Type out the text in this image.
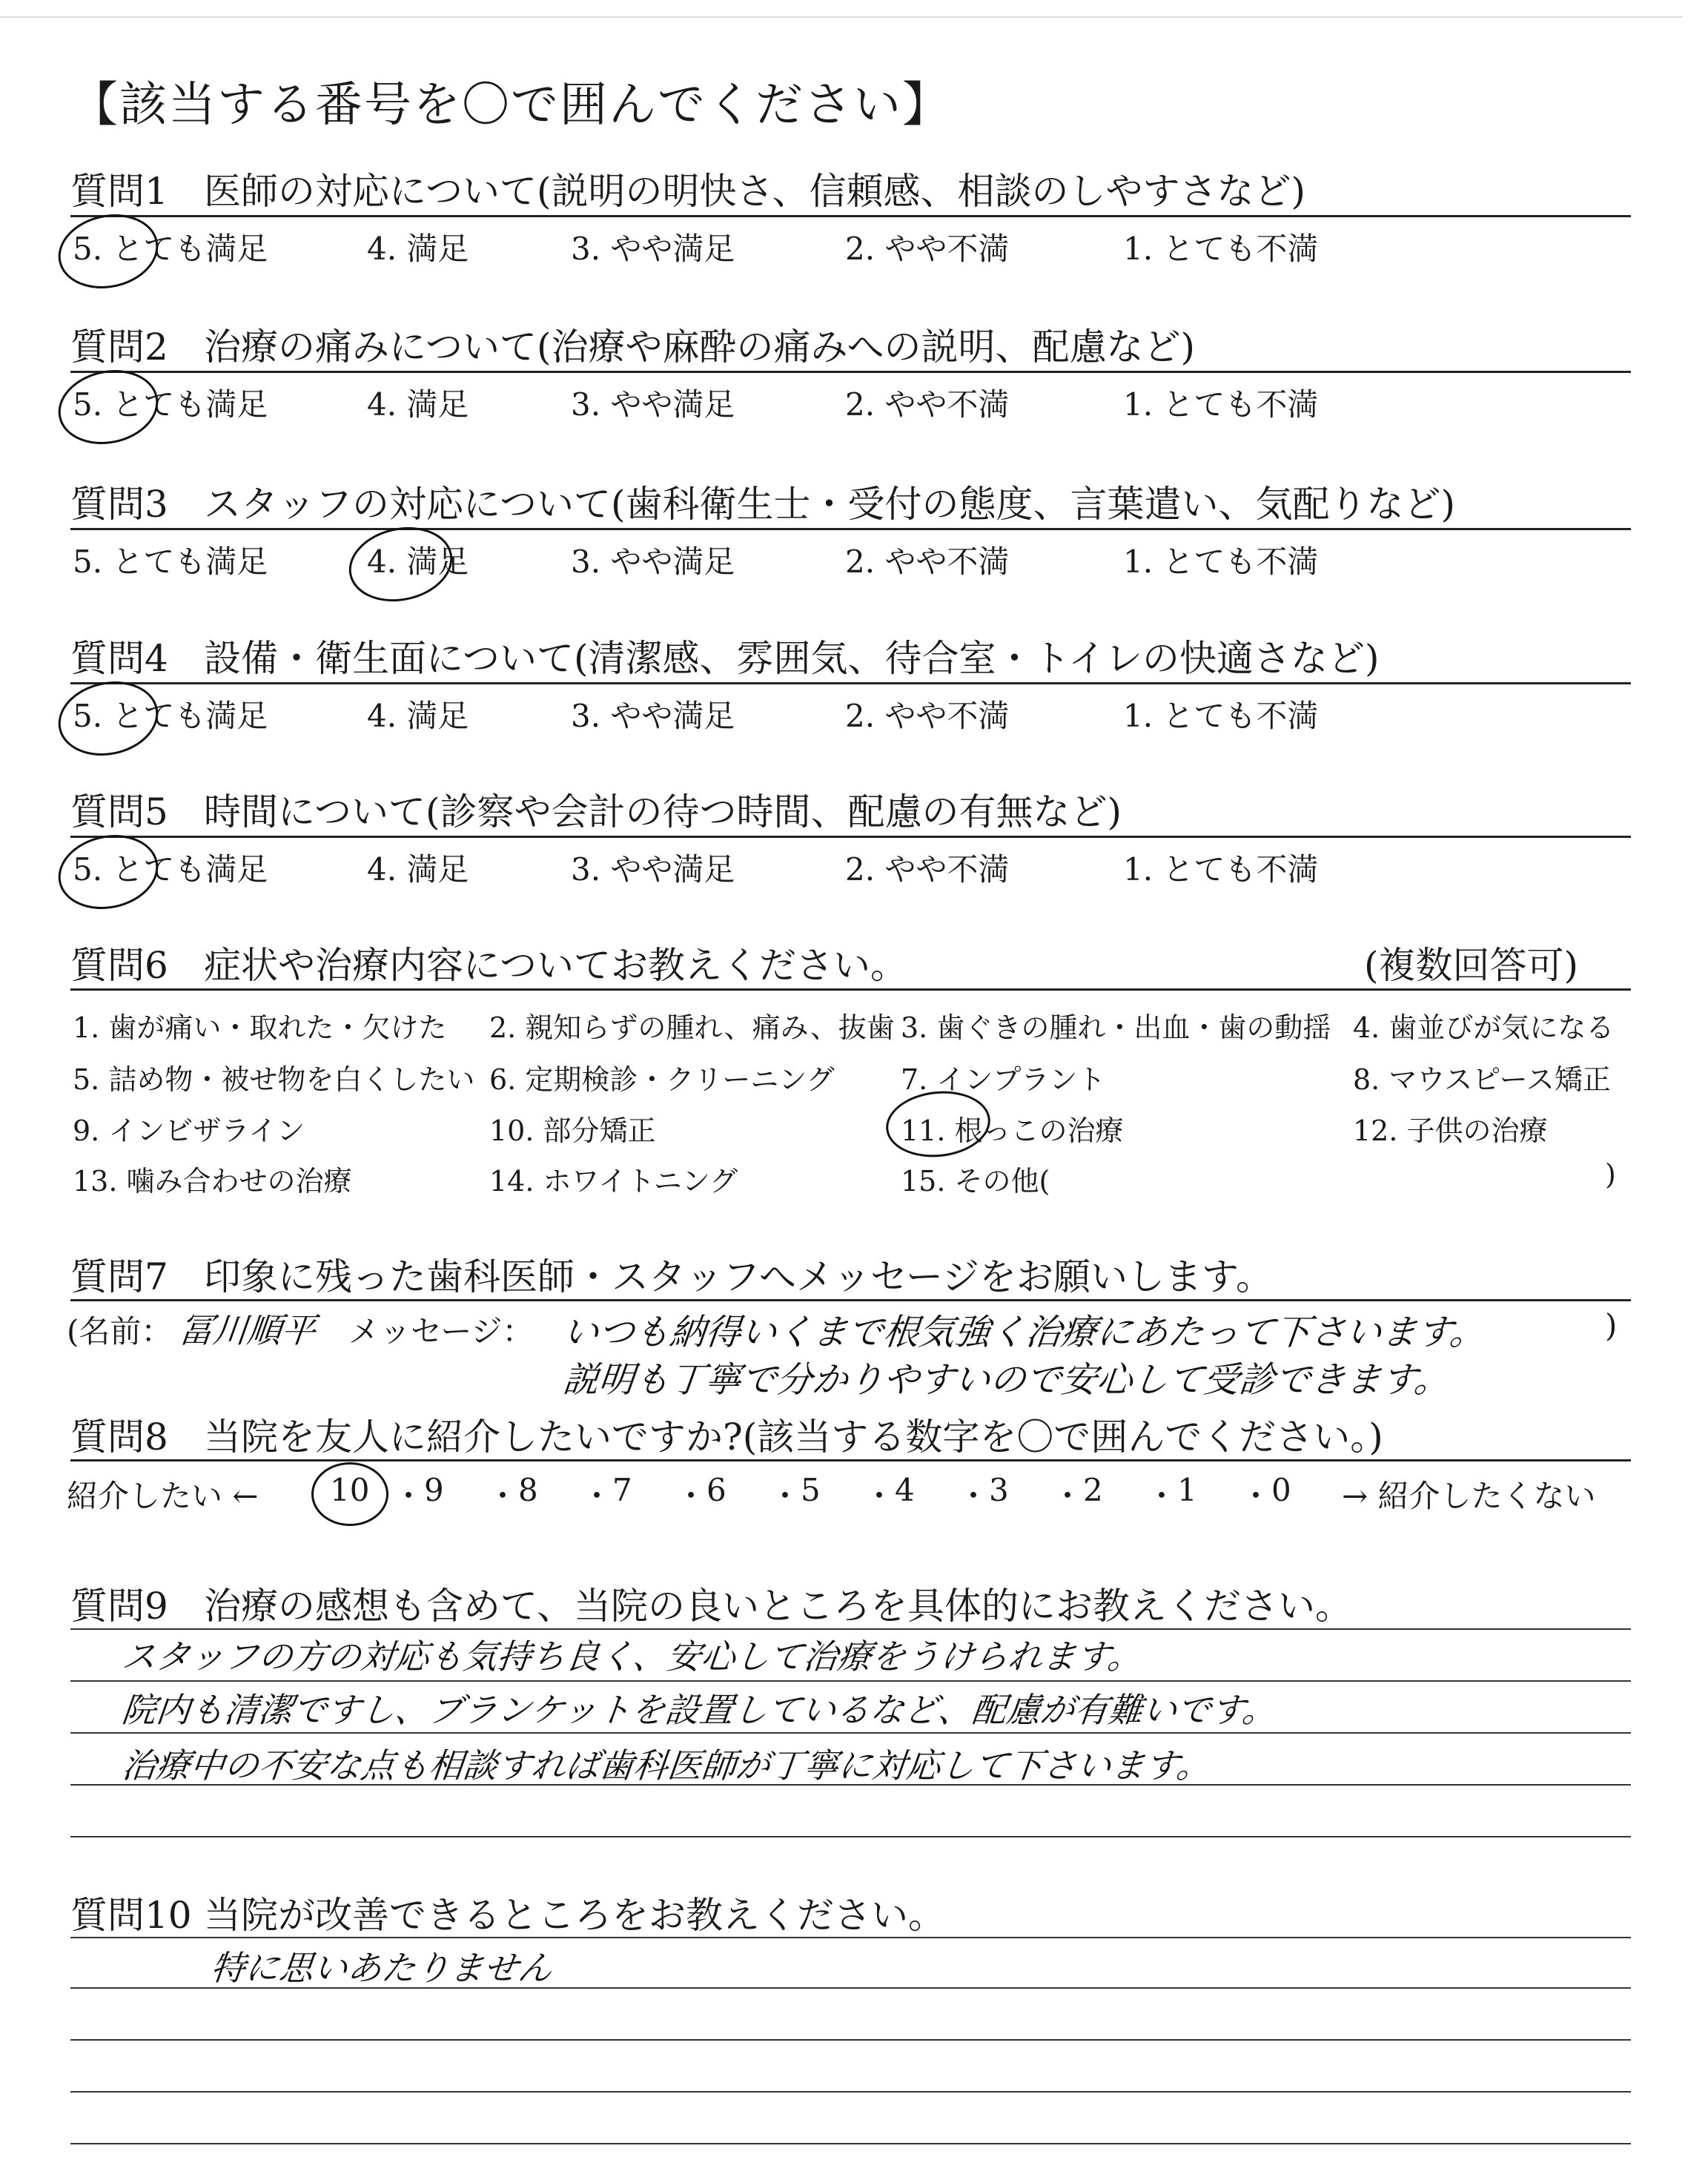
【該当する番号を〇で囲んでください】
質問1 医師の対応について(説明の明快さ、信頼感、相談のしやすさなど)
5. とても満足	4. 満足	3. やや満足	2. やや不満	1. とても不満
質問2 治療の痛みについて(治療や麻酔の痛みへの説明、配慮など)
5. とても満足	4. 満足	3. やや満足	2. やや不満	1. とても不満
質問3 スタッフの対応について(歯科衛生士・受付の態度、言葉遣い、気配りなど)
5. とても満足	4. 満足	3. やや満足	2. やや不満	1. とても不満
質問4 設備・衛生面について(清潔感、雰囲気、待合室・トイレの快適さなど)
5. とても満足	4. 満足	3. やや満足	2. やや不満	1. とても不満
質問5 時間について(診察や会計の待つ時間、配慮の有無など)
5. とても満足	4. 満足	3. やや満足	2. やや不満	1. とても不満
質問6 症状や治療内容についてお教えください。	(複数回答可)
1. 歯が痛い・取れた・欠けた 2. 親知らずの腫れ、痛み、抜歯 3. 歯ぐきの腫れ・出血・歯の動揺 4. 歯並びが気になる
5. 詰め物・被せ物を白くしたい 6. 定期検診・クリーニング 7. インプラント	8. マウスピース矯正
9. インビザライン	10. 部分矯正	11. 根っこの治療	12. 子供の治療
13. 噛み合わせの治療	14. ホワイトニング	15. その他(	)
質問7 印象に残った歯科医師・スタッフへメッセージをお願いします。
(名前： 冨川順平 メッセージ： いつも納得いくまで根気強く治療にあたって下さいます。	)
説明も丁寧で分かりやすいので安心して受診できます。
質問8 当院を友人に紹介したいですか?(該当する数字を〇で囲んでください。)
紹介したい ← 10 ・ 9 ・ 8 ・ 7 ・ 6 ・ 5 ・ 4 ・ 3 ・ 2 ・ 1 ・ 0 → 紹介したくない
質問9 治療の感想も含めて、当院の良いところを具体的にお教えください。
スタッフの方の対応も気持ち良く、安心して治療をうけられます。
院内も清潔ですし、ブランケットを設置しているなど、配慮が有難いです。
治療中の不安な点も相談すれば歯科医師が丁寧に対応して下さいます。
質問10 当院が改善できるところをお教えください。
特に思いあたりません
